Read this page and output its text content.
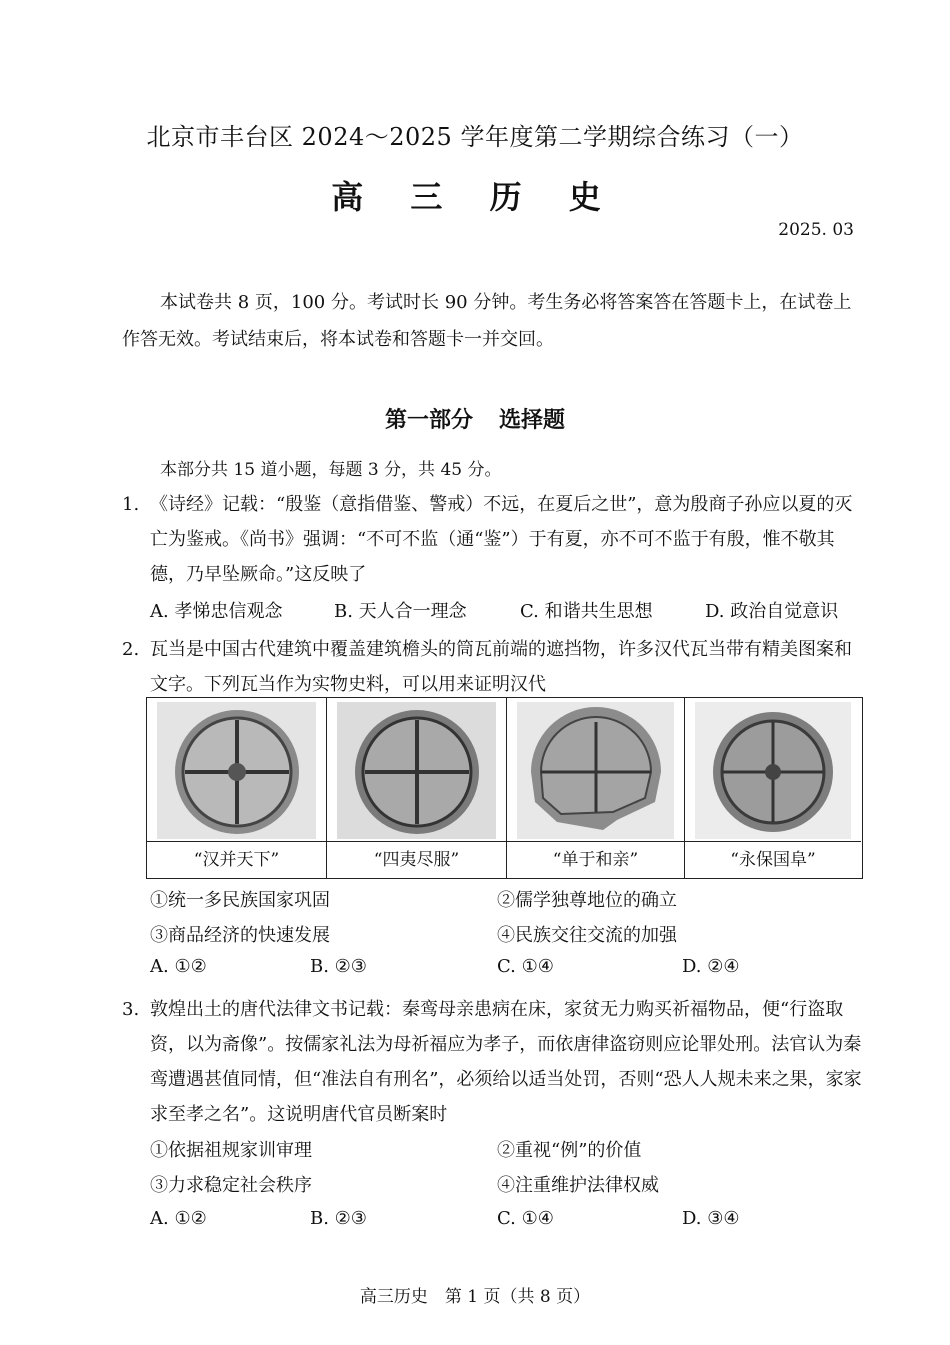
北京市丰台区 2024～2025 学年度第二学期综合练习（一）
高 三 历 史
2025. 03
本试卷共 8 页，100 分。考试时长 90 分钟。考生务必将答案答在答题卡上，在试卷上作答无效。考试结束后，将本试卷和答题卡一并交回。
第一部分 选择题
本部分共 15 道小题，每题 3 分，共 45 分。
1. 《诗经》记载：“殷鉴（意指借鉴、警戒）不远，在夏后之世”，意为殷商子孙应以夏的灭亡为鉴戒。《尚书》强调：“不可不监（通“鉴”）于有夏，亦不可不监于有殷，惟不敬其德，乃早坠厥命。”这反映了
A. 孝悌忠信观念	B. 天人合一理念	C. 和谐共生思想	D. 政治自觉意识
2. 瓦当是中国古代建筑中覆盖建筑檐头的筒瓦前端的遮挡物，许多汉代瓦当带有精美图案和文字。下列瓦当作为实物史料，可以用来证明汉代
“汉并天下”	“四夷尽服”	“单于和亲”	“永保国阜”
①统一多民族国家巩固	②儒学独尊地位的确立
③商品经济的快速发展	④民族交往交流的加强
A. ①②	B. ②③	C. ①④	D. ②④
3. 敦煌出土的唐代法律文书记载：秦鸾母亲患病在床，家贫无力购买祈福物品，便“行盗取资，以为斋像”。按儒家礼法为母祈福应为孝子，而依唐律盗窃则应论罪处刑。法官认为秦鸾遭遇甚值同情，但“准法自有刑名”，必须给以适当处罚，否则“恐人人规未来之果，家家求至孝之名”。这说明唐代官员断案时
①依据祖规家训审理	②重视“例”的价值
③力求稳定社会秩序	④注重维护法律权威
A. ①②	B. ②③	C. ①④	D. ③④
高三历史　第 1 页（共 8 页）
